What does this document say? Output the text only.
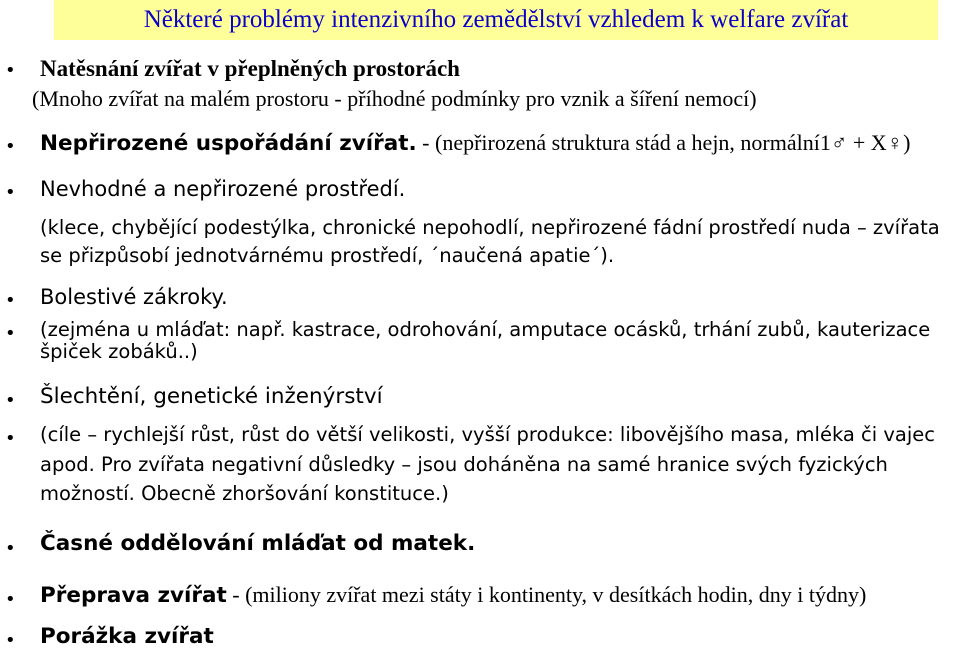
Některé problémy intenzivního zemědělství vzhledem k welfare zvířat
• Natěsnání zvířat v přeplněných prostorách
(Mnoho zvířat na malém prostoru - příhodné podmínky pro vznik a šíření nemocí)
• Nepřirozené uspořádání zvířat. - (nepřirozená struktura stád a hejn, normální1♂ + X♀)
• Nevhodné a nepřirozené prostředí.
(klece, chybějící podestýlka, chronické nepohodlí, nepřirozené fádní prostředí nuda – zvířata
se přizpůsobí jednotvárnému prostředí, ´naučená apatie´).
• Bolestivé zákroky.
• (zejména u mláďat: např. kastrace, odrohování, amputace ocásků, trhání zubů, kauterizace
špiček zobáků..)
• Šlechtění, genetické inženýrství
• (cíle – rychlejší růst, růst do větší velikosti, vyšší produkce: libovějšího masa, mléka či vajec
apod. Pro zvířata negativní důsledky – jsou doháněna na samé hranice svých fyzických
možností. Obecně zhoršování konstituce.)
• Časné oddělování mláďat od matek.
• Přeprava zvířat - (miliony zvířat mezi státy i kontinenty, v desítkách hodin, dny i týdny)
• Porážka zvířat
